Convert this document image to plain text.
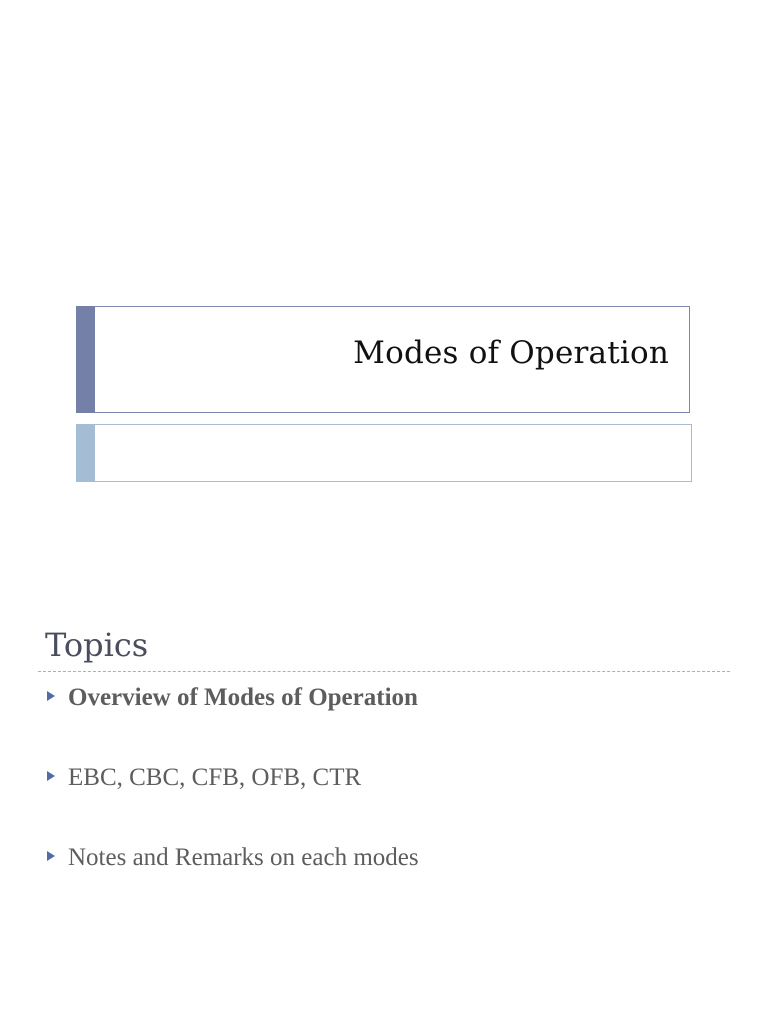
Modes of Operation
Topics
Overview of Modes of Operation
EBC, CBC, CFB, OFB, CTR
Notes and Remarks on each modes
